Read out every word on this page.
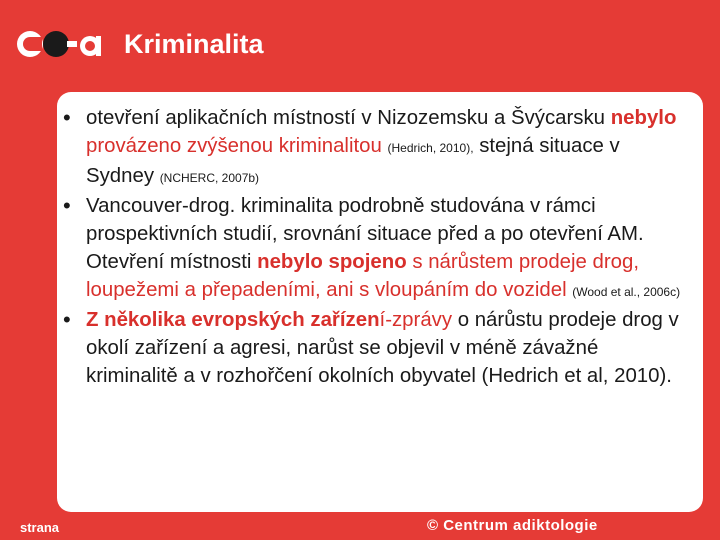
Kriminalita
• otevření aplikačních místností v Nizozemsku a Švýcarsku nebylo provázeno zvýšenou kriminalitou (Hedrich, 2010), stejná situace v Sydney (NCHERC, 2007b)
• Vancouver-drog. kriminalita podrobně studována v rámci prospektivních studií, srovnání situace před a po otevření AM. Otevření místnosti nebylo spojeno s nárůstem prodeje drog, loupežemi a přepadeními, ani s vloupáním do vozidel (Wood et al., 2006c)
• Z několika evropských zařízení-zprávy o nárůstu prodeje drog v okolí zařízení a agresi, narůst se objevil v méně závažné kriminalitě a v rozhořčení okolních obyvatel (Hedrich et al, 2010).
strana	© Centrum adiktologie
